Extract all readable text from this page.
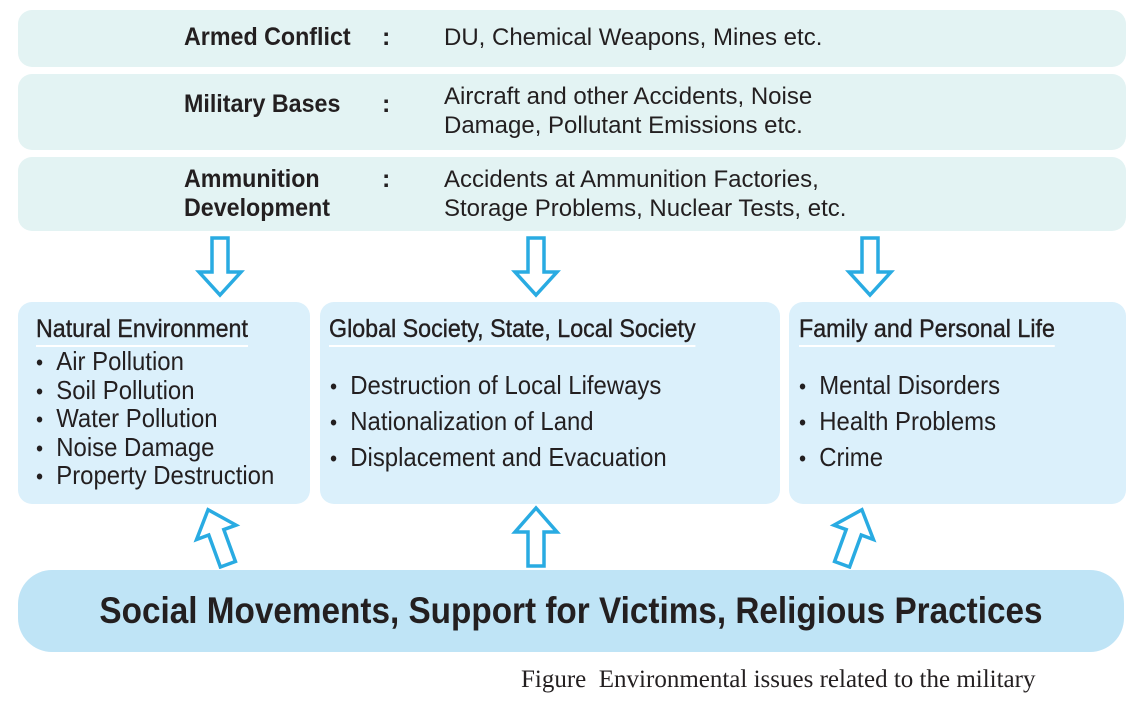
Armed Conflict : DU, Chemical Weapons, Mines etc.
Military Bases : Aircraft and other Accidents, Noise
Damage, Pollutant Emissions etc.
Ammunition
Development
: Accidents at Ammunition Factories,
Storage Problems, Nuclear Tests, etc.
Natural Environment
• Air Pollution
• Soil Pollution
• Water Pollution
• Noise Damage
• Property Destruction
Global Society, State, Local Society
• Destruction of Local Lifeways
• Nationalization of Land
• Displacement and Evacuation
Family and Personal Life
• Mental Disorders
• Health Problems
• Crime
Social Movements, Support for Victims, Religious Practices
Figure  Environmental issues related to the military
